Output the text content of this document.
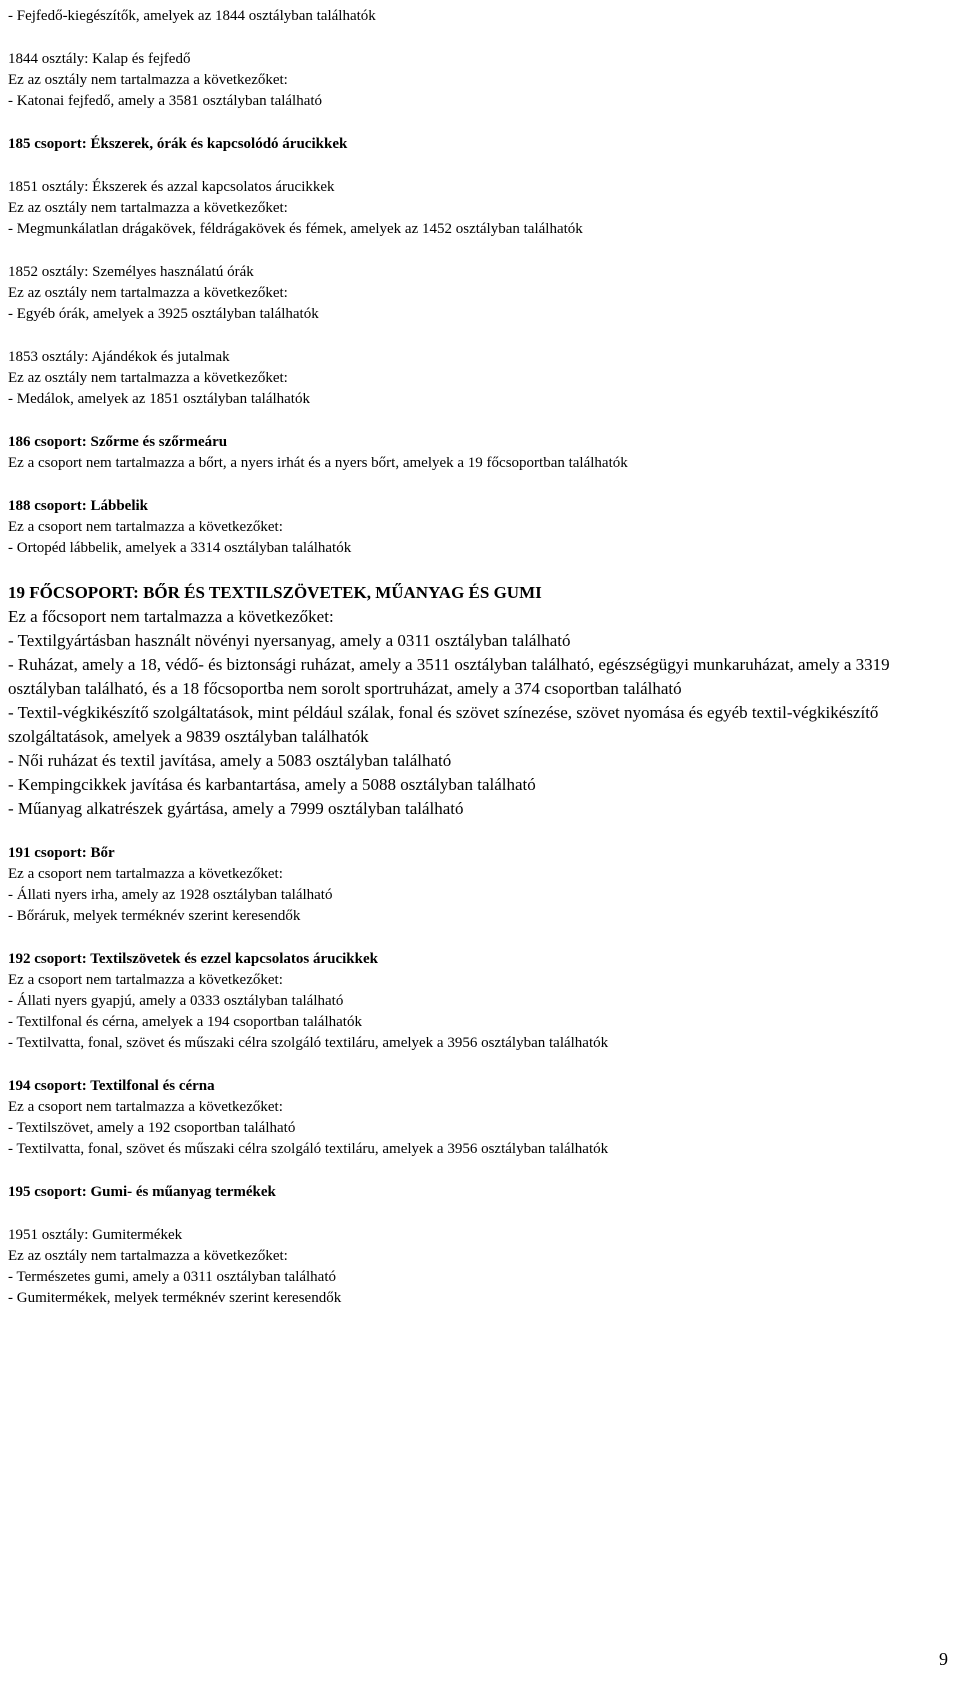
- Fejfedő-kiegészítők, amelyek az 1844 osztályban találhatók
1844 osztály: Kalap és fejfedő
Ez az osztály nem tartalmazza a következőket:
- Katonai fejfedő, amely a 3581 osztályban található
185 csoport: Ékszerek, órák és kapcsolódó árucikkek
1851 osztály: Ékszerek és azzal kapcsolatos árucikkek
Ez az osztály nem tartalmazza a következőket:
- Megmunkálatlan drágakövek, féldrágakövek és fémek, amelyek az 1452 osztályban találhatók
1852 osztály: Személyes használatú órák
Ez az osztály nem tartalmazza a következőket:
- Egyéb órák, amelyek a 3925 osztályban találhatók
1853 osztály: Ajándékok és jutalmak
Ez az osztály nem tartalmazza a következőket:
- Medálok, amelyek az 1851 osztályban találhatók
186 csoport: Szőrme és szőrmeáru
Ez a csoport nem tartalmazza a bőrt, a nyers irhát és a nyers bőrt, amelyek a 19 főcsoportban találhatók
188 csoport: Lábbelik
Ez a csoport nem tartalmazza a következőket:
- Ortopéd lábbelik, amelyek a 3314 osztályban találhatók
19 FŐCSOPORT: BŐR ÉS TEXTILSZÖVETEK, MŰANYAG ÉS GUMI
Ez a főcsoport nem tartalmazza a következőket:
- Textilgyártásban használt növényi nyersanyag, amely a 0311 osztályban található
- Ruházat, amely a 18, védő- és biztonsági ruházat, amely a 3511 osztályban található, egészségügyi munkaruházat, amely a 3319 osztályban található, és a 18 főcsoportba nem sorolt sportruházat, amely a 374 csoportban található
- Textil-végkikészítő szolgáltatások, mint például szálak, fonal és szövet színezése, szövet nyomása és egyéb textil-végkikészítő szolgáltatások, amelyek a 9839 osztályban találhatók
- Női ruházat és textil javítása, amely a 5083 osztályban található
- Kempingcikkek javítása és karbantartása, amely a 5088 osztályban található
- Műanyag alkatrészek gyártása, amely a 7999 osztályban található
191 csoport: Bőr
Ez a csoport nem tartalmazza a következőket:
- Állati nyers irha, amely az 1928 osztályban található
- Bőráruk, melyek terméknév szerint keresendők
192 csoport: Textilszövetek és ezzel kapcsolatos árucikkek
Ez a csoport nem tartalmazza a következőket:
- Állati nyers gyapjú, amely a 0333 osztályban található
- Textilfonal és cérna, amelyek a 194 csoportban találhatók
- Textilvatta, fonal, szövet és műszaki célra szolgáló textiláru, amelyek a 3956 osztályban találhatók
194 csoport: Textilfonal és cérna
Ez a csoport nem tartalmazza a következőket:
- Textilszövet, amely a 192 csoportban található
- Textilvatta, fonal, szövet és műszaki célra szolgáló textiláru, amelyek a 3956 osztályban találhatók
195 csoport: Gumi- és műanyag termékek
1951 osztály: Gumitermékek
Ez az osztály nem tartalmazza a következőket:
- Természetes gumi, amely a 0311 osztályban található
- Gumitermékek, melyek terméknév szerint keresendők
9
